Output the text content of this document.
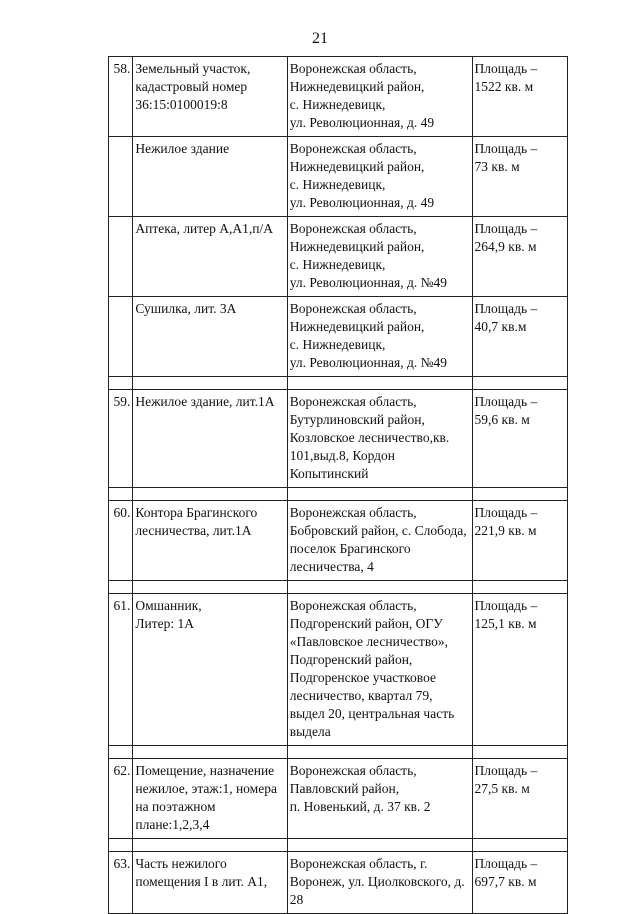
21
58.	Земельный участок,
кадастровый номер
36:15:0100019:8	Воронежская область, Нижнедевицкий район,
с. Нижнедевицк,
ул. Революционная, д. 49	Площадь –
1522 кв. м
	Нежилое здание	Воронежская область, Нижнедевицкий район,
с. Нижнедевицк,
ул. Революционная, д. 49	Площадь –
73 кв. м
	Аптека, литер А,А1,п/А	Воронежская область, Нижнедевицкий район,
с. Нижнедевицк,
ул. Революционная, д. №49	Площадь –
264,9 кв. м
	Сушилка, лит. 3А	Воронежская область, Нижнедевицкий район,
с. Нижнедевицк,
ул. Революционная, д. №49	Площадь –
40,7 кв.м

59.	Нежилое здание, лит.1А	Воронежская область, Бутурлиновский район, Козловское лесничество,кв.
101,выд.8, Кордон Копытинский	Площадь –
59,6 кв. м

60.	Контора Брагинского
лесничества, лит.1А	Воронежская область,
Бобровский район, с. Слобода, поселок Брагинского
лесничества, 4	Площадь –
221,9 кв. м

61.	Омшанник,
Литер: 1А	Воронежская область,
Подгоренский район, ОГУ
«Павловское лесничество»,
Подгоренский район, Подгоренское участковое лесничество, квартал 79, выдел 20, центральная часть выдела	Площадь –
125,1 кв. м

62.	Помещение, назначение нежилое, этаж:1, номера на поэтажном плане:1,2,3,4	Воронежская область, Павловский район,
п. Новенький, д. 37 кв. 2	Площадь –
27,5 кв. м

63.	Часть нежилого помещения I в лит. А1,	Воронежская область, г. Воронеж, ул. Циолковского, д. 28	Площадь –
697,7 кв. м
